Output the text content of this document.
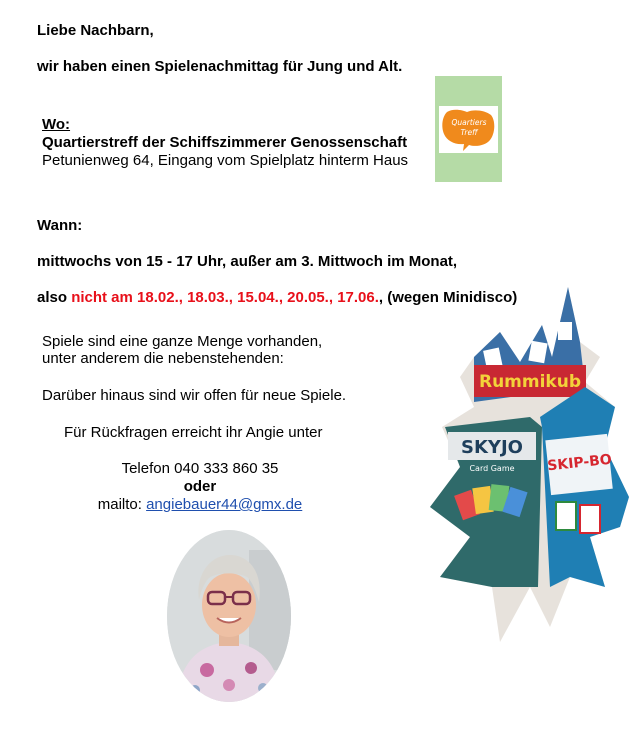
Liebe Nachbarn,
wir haben einen Spielenachmittag für Jung und Alt.
Wo:
Quartierstreff der Schiffszimmerer Genossenschaft
Petunienweg 64, Eingang vom Spielplatz hinterm Haus
Quartiers
Treff
Wann:
mittwochs von 15 - 17 Uhr, außer am 3. Mittwoch im Monat,
also nicht am 18.02., 18.03., 15.04., 20.05., 17.06., (wegen Minidisco)
Spiele sind eine ganze Menge vorhanden,
unter anderem die nebenstehenden:
Darüber hinaus sind wir offen für neue Spiele.
Für Rückfragen erreicht ihr Angie unter
Telefon 040 333 860 35
oder
mailto: angiebauer44@gmx.de
Rummikub
SKYJO
Card Game SKIP-BO
